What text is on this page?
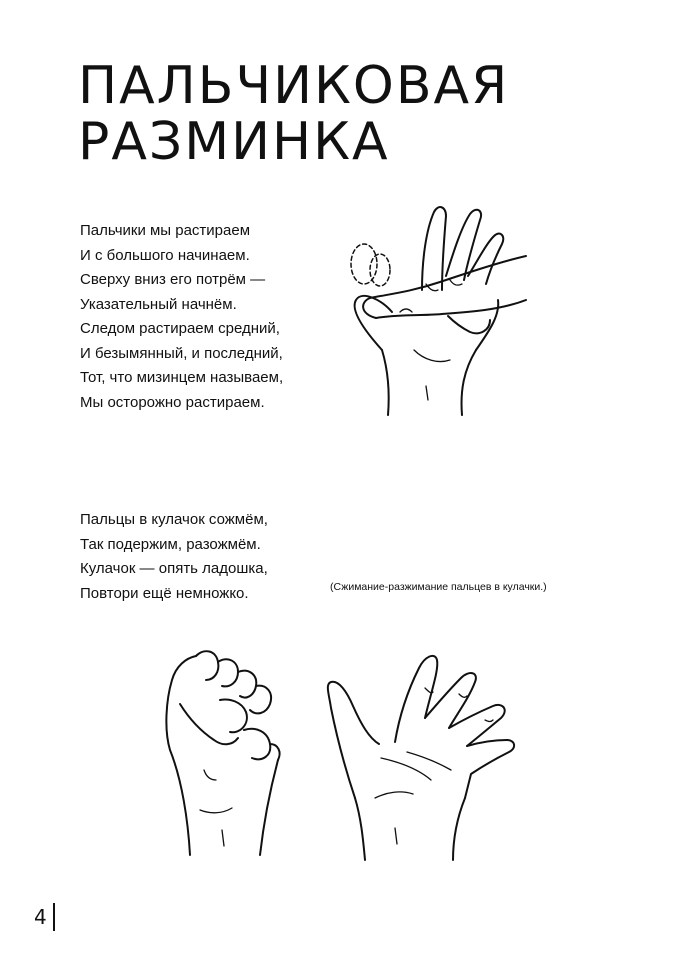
ПАЛЬЧИКОВАЯ
РАЗМИНКА
Пальчики мы растираем
И с большого начинаем.
Сверху вниз его потрём —
Указательный начнём.
Следом растираем средний,
И безымянный, и последний,
Тот, что мизинцем называем,
Мы осторожно растираем.
Пальцы в кулачок сожмём,
Так подержим, разожмём.
Кулачок — опять ладошка,
Повтори ещё немножко.	(Сжимание-разжимание пальцев в кулачки.)
4
